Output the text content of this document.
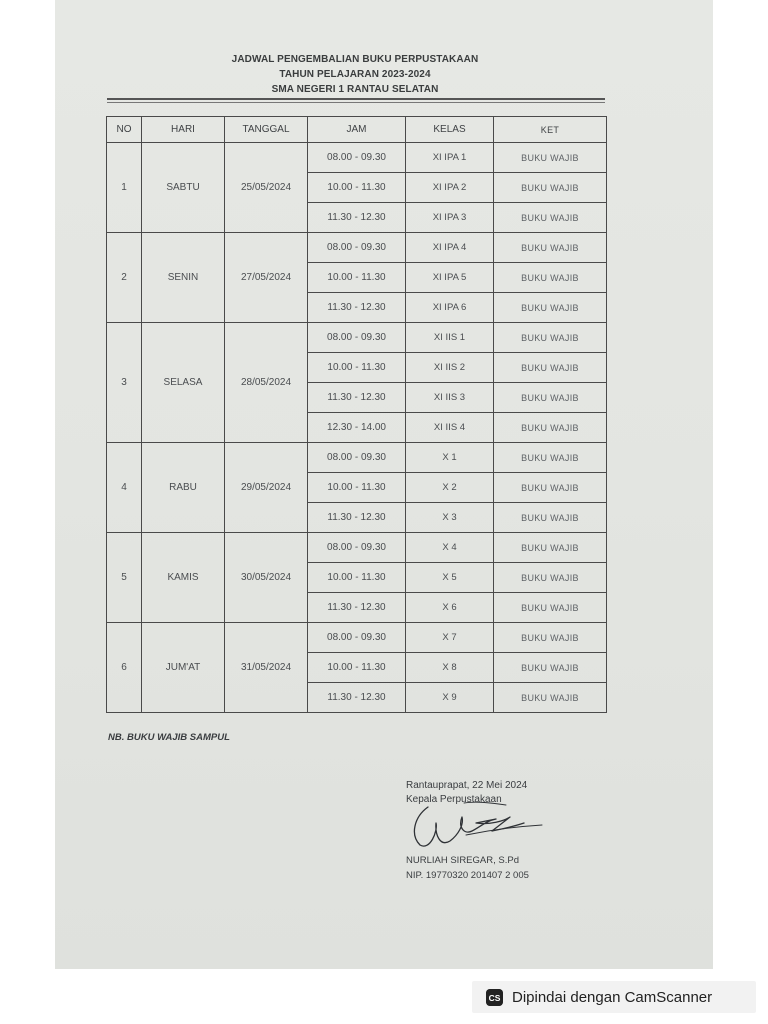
JADWAL PENGEMBALIAN BUKU PERPUSTAKAAN
TAHUN PELAJARAN 2023-2024
SMA NEGERI 1 RANTAU SELATAN
NO	HARI	TANGGAL	JAM	KELAS	KET
1	SABTU	25/05/2024	08.00 - 09.30	XI IPA 1	BUKU WAJIB
			10.00 - 11.30	XI IPA 2	BUKU WAJIB
			11.30 - 12.30	XI IPA 3	BUKU WAJIB
2	SENIN	27/05/2024	08.00 - 09.30	XI IPA 4	BUKU WAJIB
			10.00 - 11.30	XI IPA 5	BUKU WAJIB
			11.30 - 12.30	XI IPA 6	BUKU WAJIB
3	SELASA	28/05/2024	08.00 - 09.30	XI IIS 1	BUKU WAJIB
			10.00 - 11.30	XI IIS 2	BUKU WAJIB
			11.30 - 12.30	XI IIS 3	BUKU WAJIB
			12.30 - 14.00	XI IIS 4	BUKU WAJIB
4	RABU	29/05/2024	08.00 - 09.30	X 1	BUKU WAJIB
			10.00 - 11.30	X 2	BUKU WAJIB
			11.30 - 12.30	X 3	BUKU WAJIB
5	KAMIS	30/05/2024	08.00 - 09.30	X 4	BUKU WAJIB
			10.00 - 11.30	X 5	BUKU WAJIB
			11.30 - 12.30	X 6	BUKU WAJIB
6	JUM'AT	31/05/2024	08.00 - 09.30	X 7	BUKU WAJIB
			10.00 - 11.30	X 8	BUKU WAJIB
			11.30 - 12.30	X 9	BUKU WAJIB
NB. BUKU WAJIB SAMPUL
Rantauprapat, 22 Mei 2024
Kepala Perpustakaan
NURLIAH SIREGAR, S.Pd
NIP. 19770320 201407 2 005
CS Dipindai dengan CamScanner
